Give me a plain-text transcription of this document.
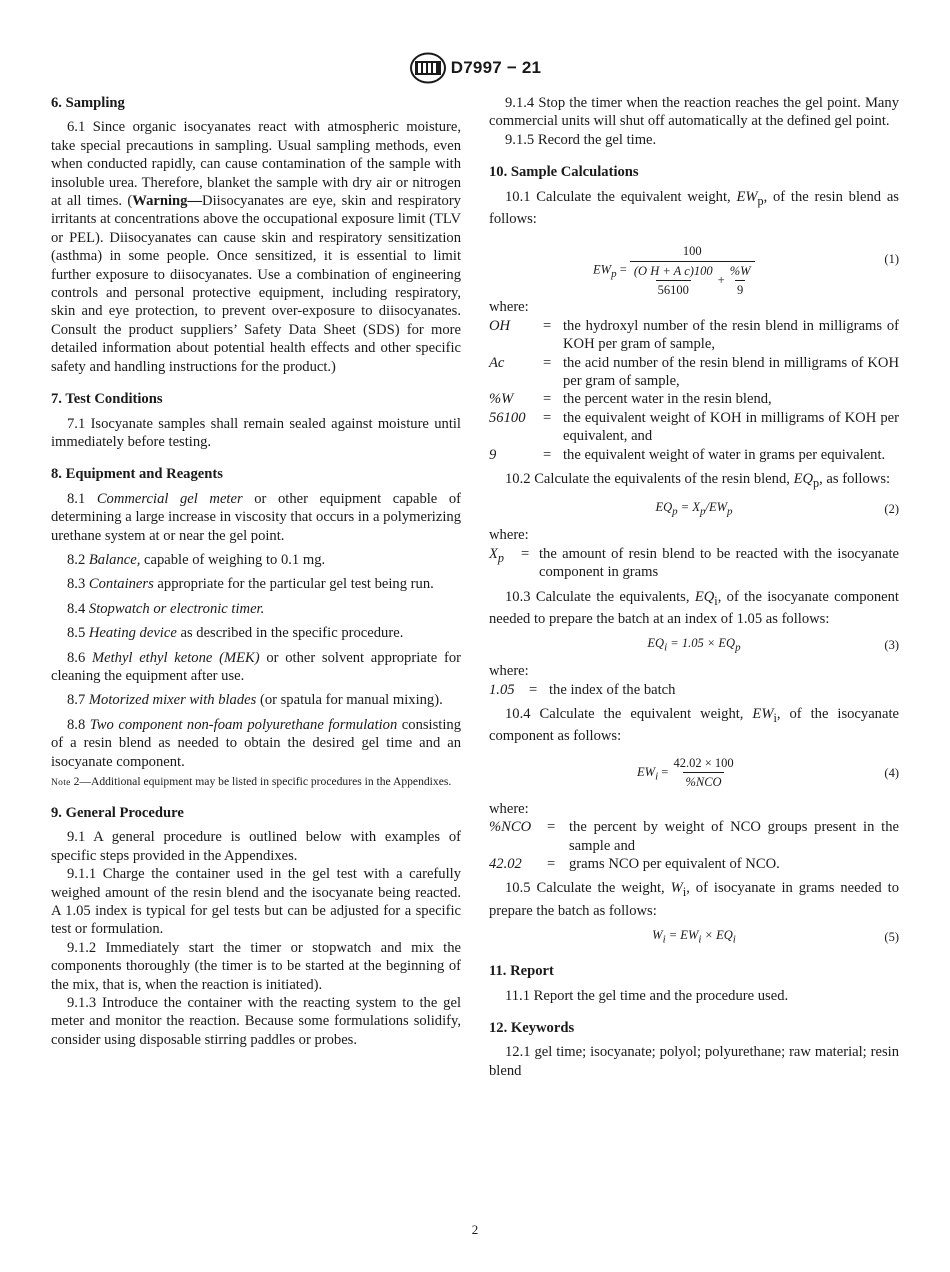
D7997 − 21
6. Sampling

6.1 Since organic isocyanates react with atmospheric moisture, take special precautions in sampling. Usual sampling methods, even when conducted rapidly, can cause contamination of the sample with insoluble urea. Therefore, blanket the sample with dry air or nitrogen at all times. (Warning—Diisocyanates are eye, skin and respiratory irritants at concentrations above the occupational exposure limit (TLV or PEL). Diisocyanates can cause skin and respiratory sensitization (asthma) in some people. Once sensitized, it is essential to limit further exposure to diisocyanates. Use a combination of engineering controls and personal protective equipment, including respiratory, skin and eye protection, to prevent over-exposure to diisocyanates. Consult the product suppliers’ Safety Data Sheet (SDS) for more detailed information about potential health effects and other specific safety and handling instructions for the product.)

7. Test Conditions

7.1 Isocyanate samples shall remain sealed against moisture until immediately before testing.

8. Equipment and Reagents

8.1 Commercial gel meter or other equipment capable of determining a large increase in viscosity that occurs in a polymerizing urethane system at or near the gel point.

8.2 Balance, capable of weighing to 0.1 mg.

8.3 Containers appropriate for the particular gel test being run.

8.4 Stopwatch or electronic timer.

8.5 Heating device as described in the specific procedure.

8.6 Methyl ethyl ketone (MEK) or other solvent appropriate for cleaning the equipment after use.

8.7 Motorized mixer with blades (or spatula for manual mixing).

8.8 Two component non-foam polyurethane formulation consisting of a resin blend as needed to obtain the desired gel time and an isocyanate component.

Note 2—Additional equipment may be listed in specific procedures in the Appendixes.

9. General Procedure

9.1 A general procedure is outlined below with examples of specific steps provided in the Appendixes.

9.1.1 Charge the container used in the gel test with a carefully weighed amount of the resin blend and the isocyanate being reacted. A 1.05 index is typical for gel tests but can be adjusted for a specific test or formulation.

9.1.2 Immediately start the timer or stopwatch and mix the components thoroughly (the timer is to be started at the beginning of the mix, that is, when the reaction is initiated).

9.1.3 Introduce the container with the reacting system to the gel meter and monitor the reaction. Because some formulations solidify, consider using disposable stirring paddles or probes.

9.1.4 Stop the timer when the reaction reaches the gel point. Many commercial units will shut off automatically at the defined gel point.

9.1.5 Record the gel time.

10. Sample Calculations

10.1 Calculate the equivalent weight, $EW_p$, of the resin blend as follows:

$EW_p = \frac{100}{\frac{\text{(O H + A c)100}}{56100} + \frac{\%W}{9}}$	(1)

where:

OH	= the hydroxyl number of the resin blend in milligrams of KOH per gram of sample,
Ac	= the acid number of the resin blend in milligrams of KOH per gram of sample,
%W	= the percent water in the resin blend,
56100	= the equivalent weight of KOH in milligrams of KOH per equivalent, and
9	= the equivalent weight of water in grams per equivalent.

10.2 Calculate the equivalents of the resin blend, $EQ_p$, as follows:

$EQ_p = X_p/EW_p$	(2)

where:

$X_p$	= the amount of resin blend to be reacted with the isocyanate component in grams

10.3 Calculate the equivalents, $EQ_i$, of the isocyanate component needed to prepare the batch at an index of 1.05 as follows:

$EQ_i = 1.05 \times EQ_p$	(3)

where:

1.05 = the index of the batch

10.4 Calculate the equivalent weight, $EW_i$, of the isocyanate component as follows:

$EW_i = \frac{42.02 \times 100}{\text{\%NCO}}$	(4)

where:

%NCO	= the percent by weight of NCO groups present in the sample and
42.02	= grams NCO per equivalent of NCO.

10.5 Calculate the weight, $W_i$, of isocyanate in grams needed to prepare the batch as follows:

$W_i = EW_i \times EQ_i$	(5)
11. Report

11.1 Report the gel time and the procedure used.

12. Keywords

12.1 gel time; isocyanate; polyol; polyurethane; raw material; resin blend

2
